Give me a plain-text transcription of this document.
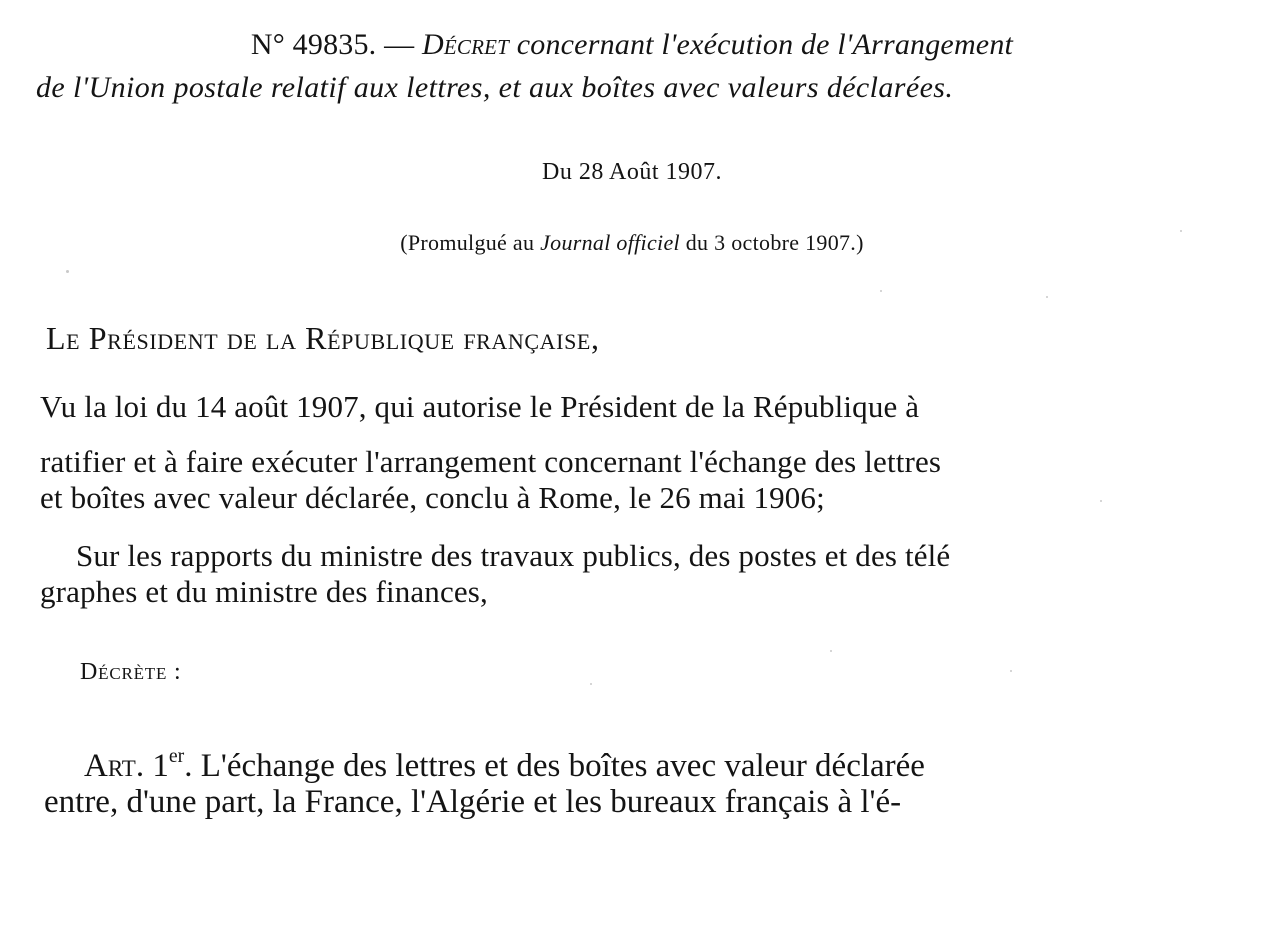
N° 49835. — Décret concernant l'exécution de l'Arrangement
de l'Union postale relatif aux lettres, et aux boîtes avec valeurs déclarées.
Du 28 Août 1907.
(Promulgué au Journal officiel du 3 octobre 1907.)
Le Président de la République française,
Vu la loi du 14 août 1907, qui autorise le Président de la République à
ratifier et à faire exécuter l'arrangement concernant l'échange des lettres
et boîtes avec valeur déclarée, conclu à Rome, le 26 mai 1906;
Sur les rapports du ministre des travaux publics, des postes et des télé
graphes et du ministre des finances,
Décrète :
Art. 1er. L'échange des lettres et des boîtes avec valeur déclarée
entre, d'une part, la France, l'Algérie et les bureaux français à l'é-
